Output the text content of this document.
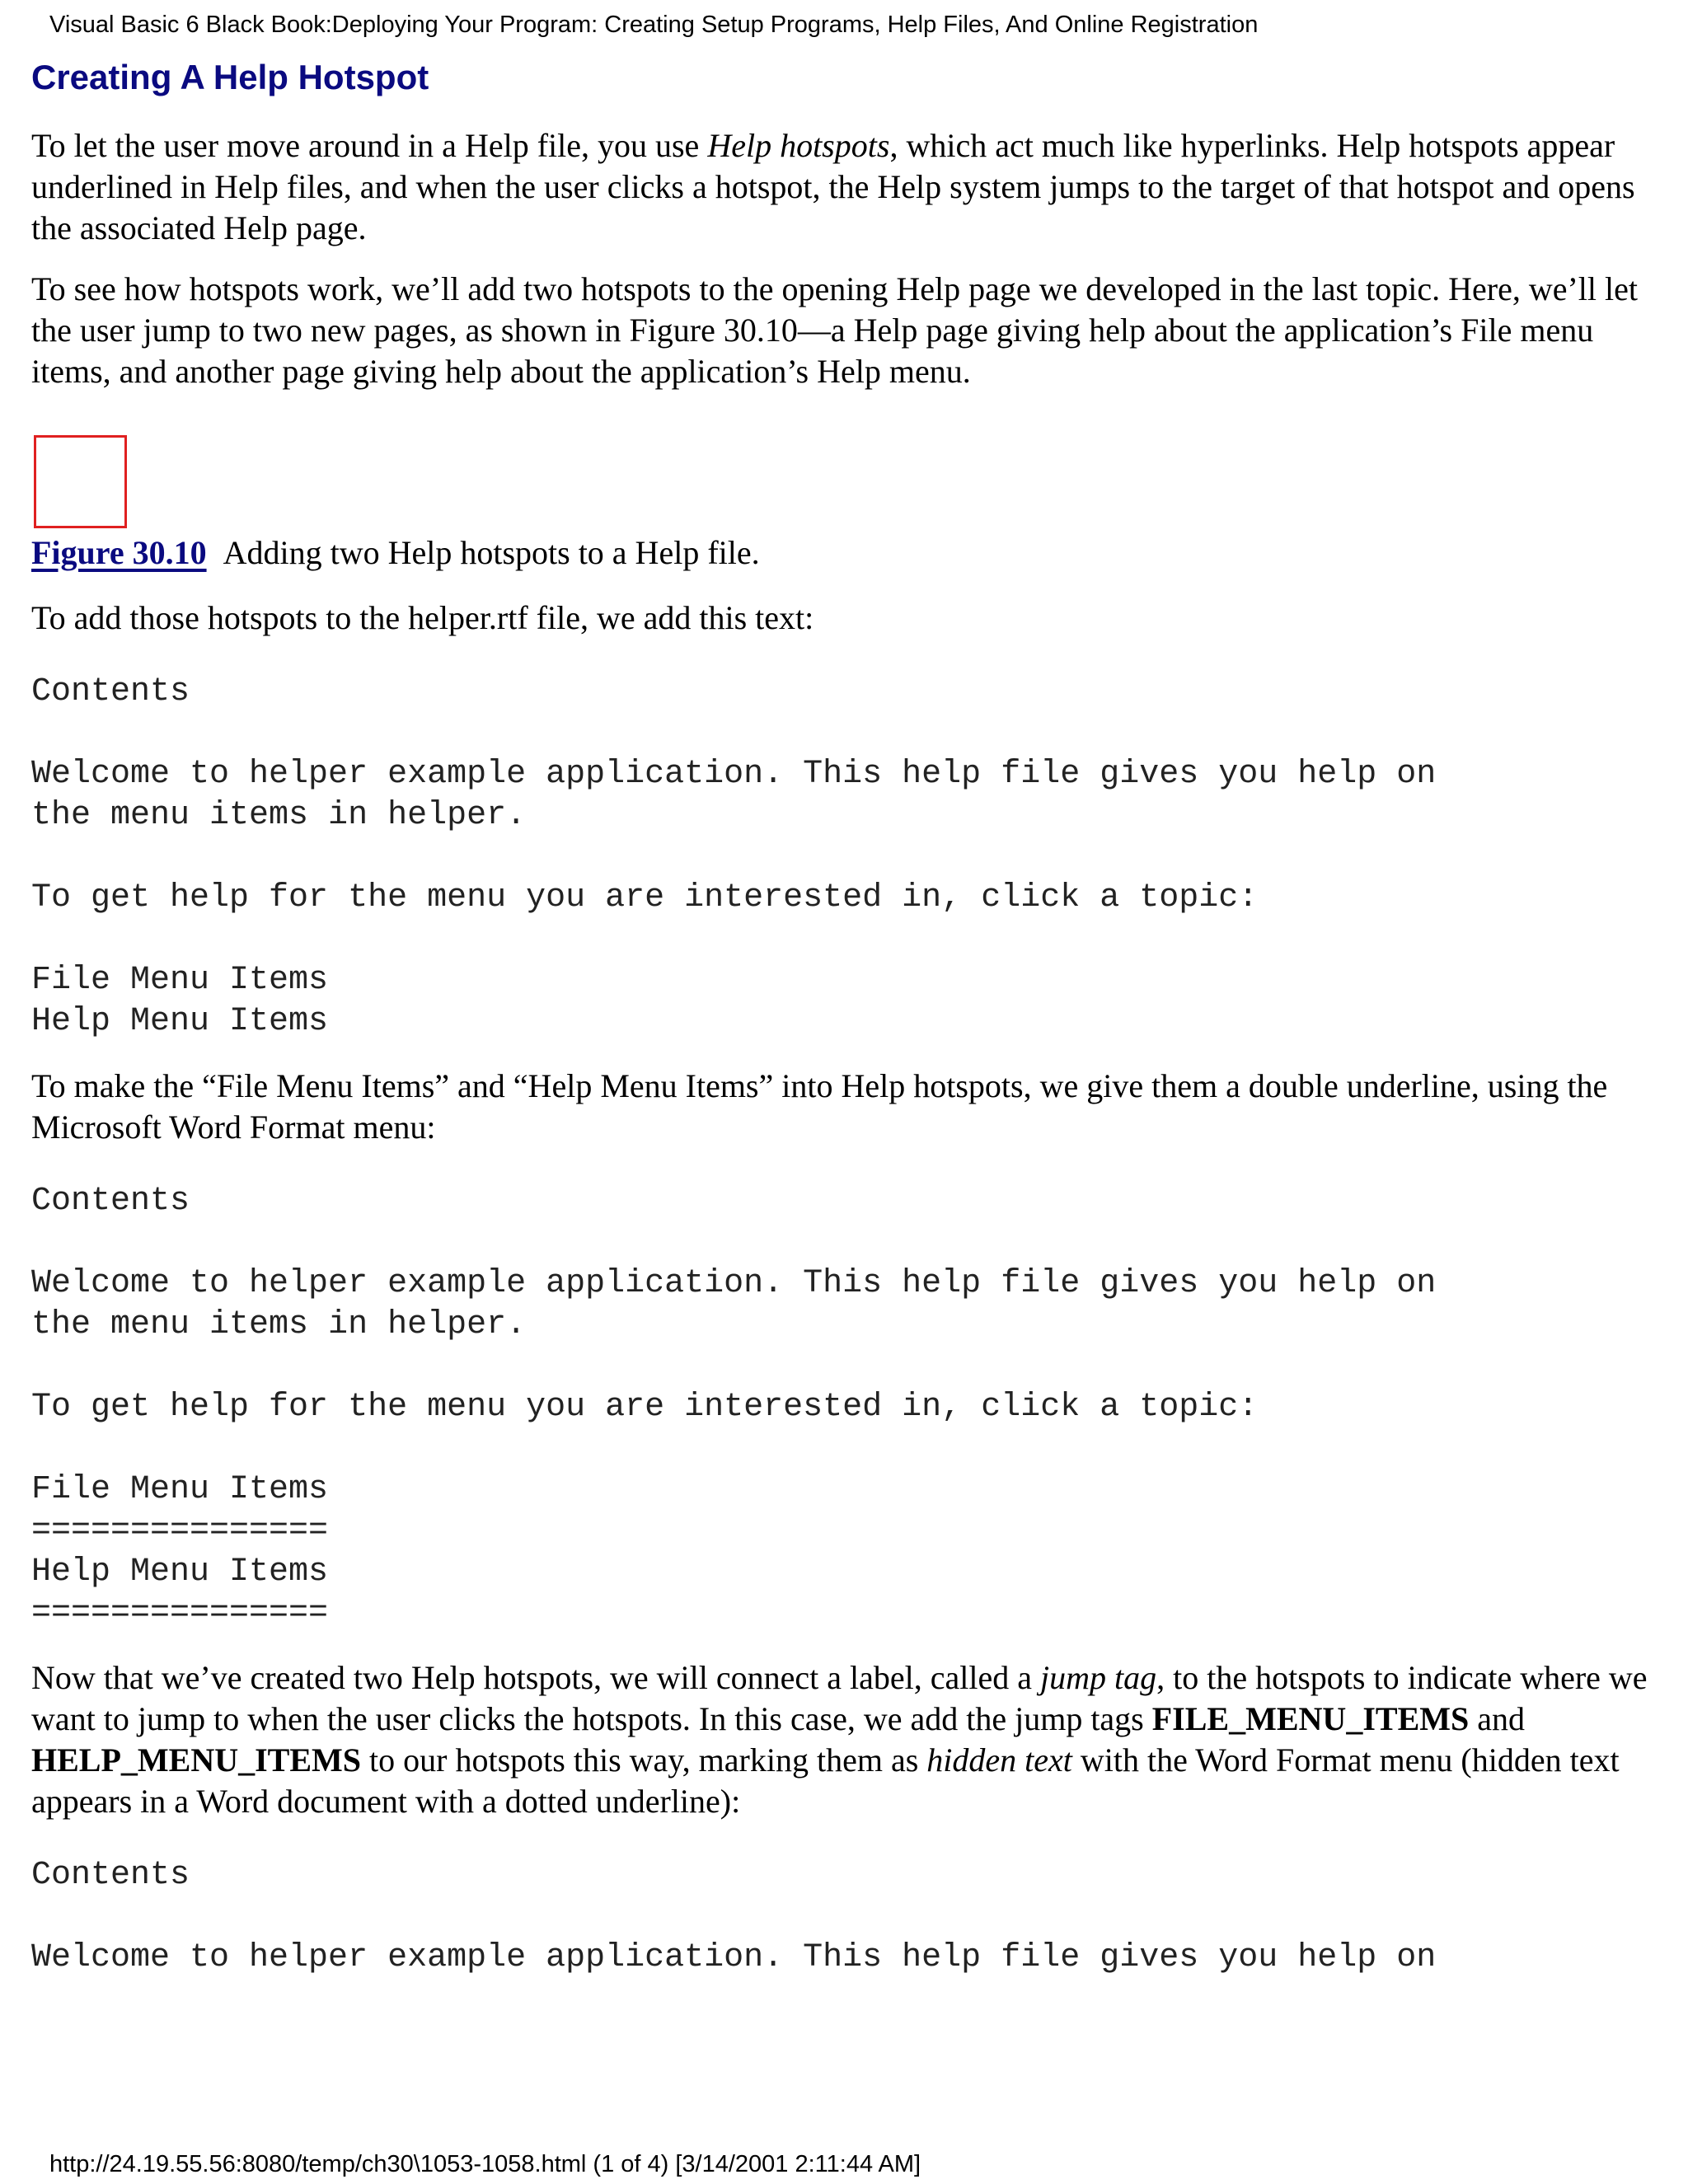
Visual Basic 6 Black Book:Deploying Your Program: Creating Setup Programs, Help Files, And Online Registration
Creating A Help Hotspot

To let the user move around in a Help file, you use Help hotspots, which act much like hyperlinks. Help hotspots appear underlined in Help files, and when the user clicks a hotspot, the Help system jumps to the target of that hotspot and opens the associated Help page.

To see how hotspots work, we’ll add two hotspots to the opening Help page we developed in the last topic. Here, we’ll let the user jump to two new pages, as shown in Figure 30.10—a Help page giving help about the application’s File menu items, and another page giving help about the application’s Help menu.

Figure 30.10 Adding two Help hotspots to a Help file.

To add those hotspots to the helper.rtf file, we add this text:

Contents

Welcome to helper example application. This help file gives you help on
the menu items in helper.

To get help for the menu you are interested in, click a topic:

File Menu Items
Help Menu Items

To make the “File Menu Items” and “Help Menu Items” into Help hotspots, we give them a double underline, using the Microsoft Word Format menu:

Contents

Welcome to helper example application. This help file gives you help on
the menu items in helper.

To get help for the menu you are interested in, click a topic:

File Menu Items
===============
Help Menu Items
===============

Now that we’ve created two Help hotspots, we will connect a label, called a jump tag, to the hotspots to indicate where we want to jump to when the user clicks the hotspots. In this case, we add the jump tags FILE_MENU_ITEMS and HELP_MENU_ITEMS to our hotspots this way, marking them as hidden text with the Word Format menu (hidden text appears in a Word document with a dotted underline):

Contents

Welcome to helper example application. This help file gives you help on
http://24.19.55.56:8080/temp/ch30\1053-1058.html (1 of 4) [3/14/2001 2:11:44 AM]
